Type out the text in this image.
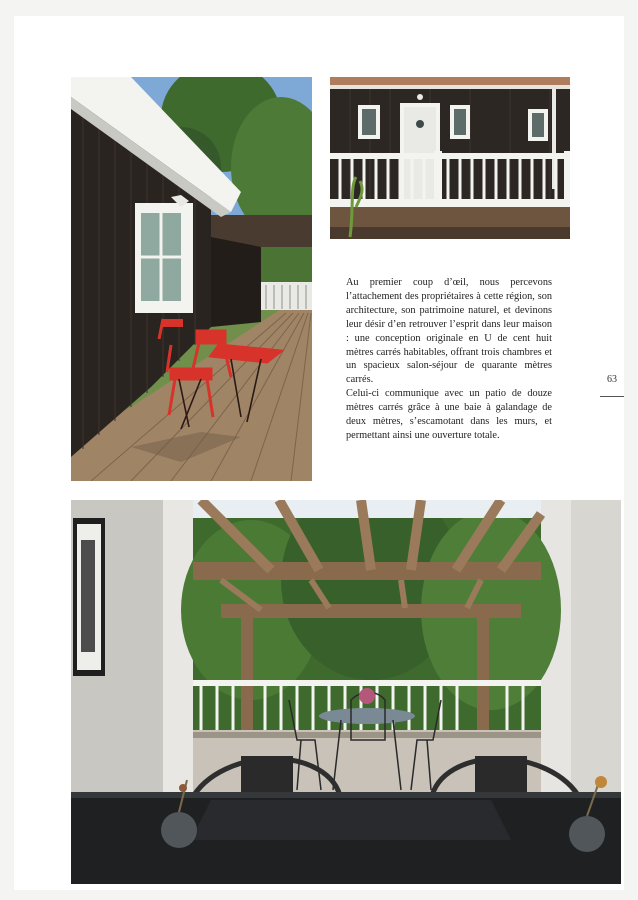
Au premier coup d’œil, nous percevons l’attachement des propriétaires à cette région, son architecture, son patrimoine naturel, et devinons leur désir d’en retrouver l’esprit dans leur maison : une conception originale en U de cent huit mètres carrés habitables, offrant trois chambres et un spacieux salon-séjour de quarante mètres carrés.

Celui-ci communique avec un patio de douze mètres carrés grâce à une baie à galandage de deux mètres, s’escamotant dans les murs, et permettant ainsi une ouverture totale.

63
